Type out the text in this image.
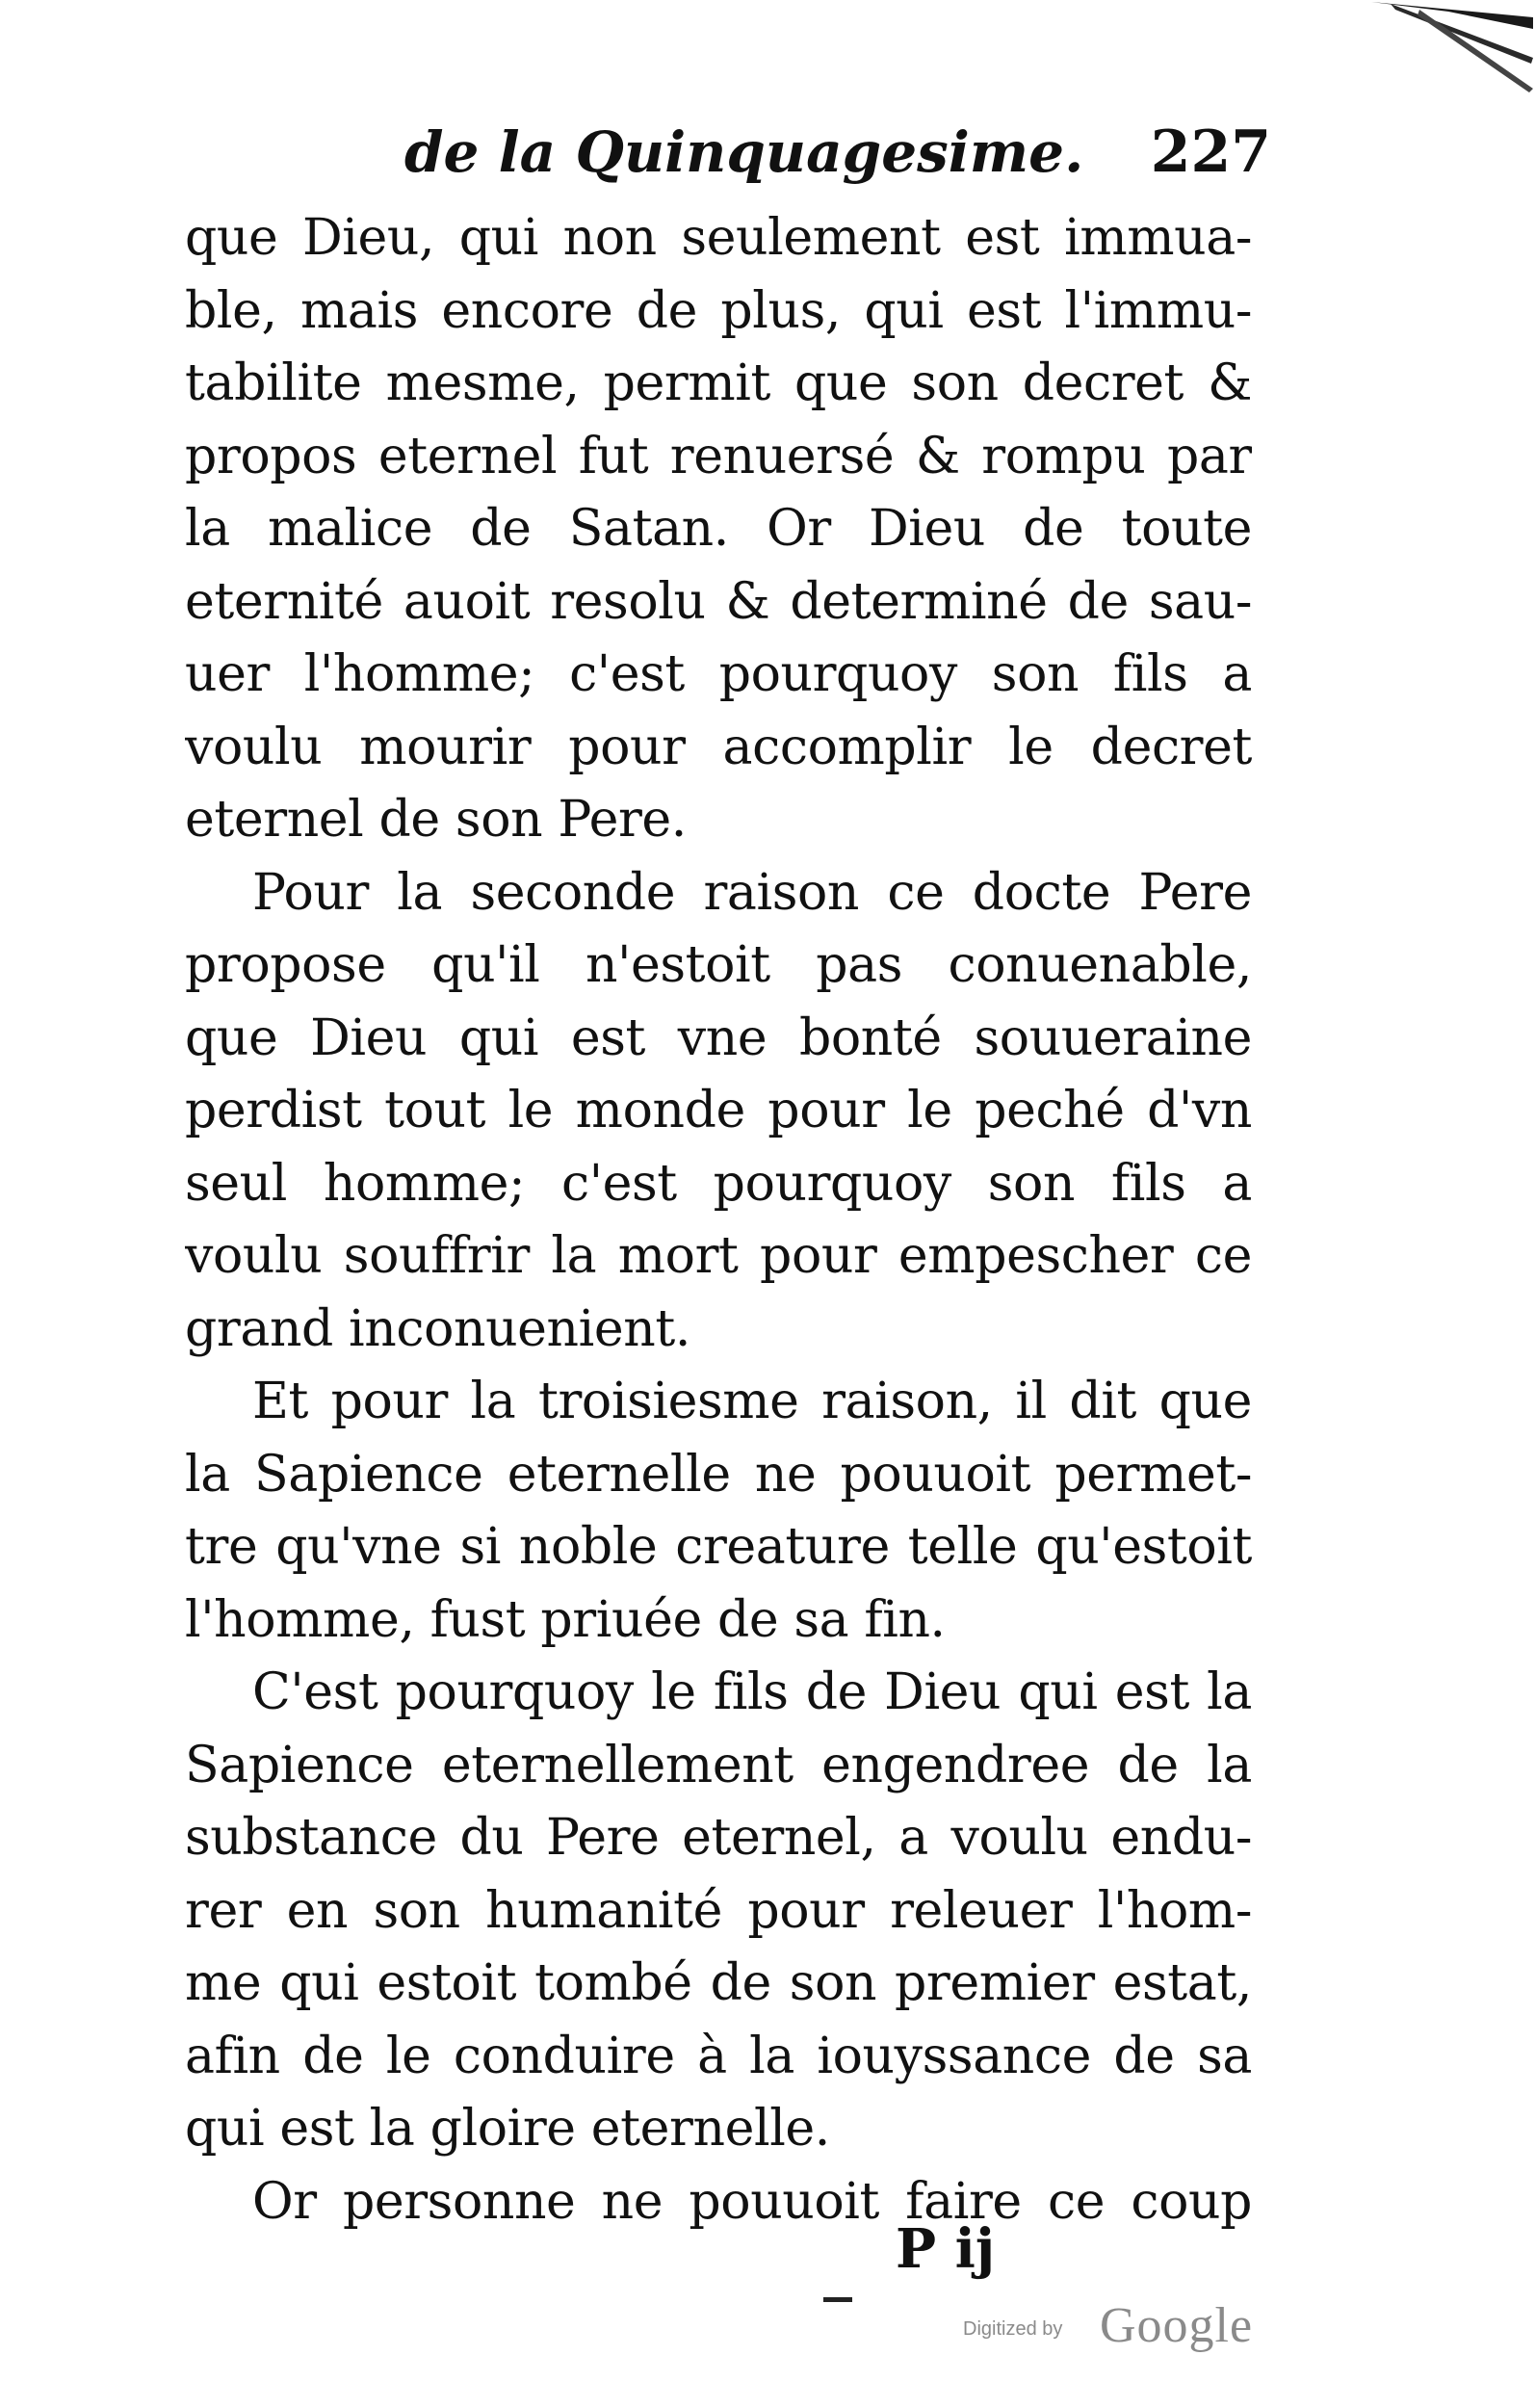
de la Quinquagesime. 227
que Dieu, qui non seulement est immua-
ble, mais encore de plus, qui est l'immu-
tabilite mesme, permit que son decret &
propos eternel fut renuersé & rompu par
la malice de Satan. Or Dieu de toute
eternité auoit resolu & determiné de sau-
uer l'homme; c'est pourquoy son fils a
voulu mourir pour accomplir le decret
eternel de son Pere.
Pour la seconde raison ce docte Pere
propose qu'il n'estoit pas conuenable,
que Dieu qui est vne bonté souueraine
perdist tout le monde pour le peché d'vn
seul homme; c'est pourquoy son fils a
voulu souffrir la mort pour empescher ce
grand inconuenient.
Et pour la troisiesme raison, il dit que
la Sapience eternelle ne pouuoit permet-
tre qu'vne si noble creature telle qu'estoit
l'homme, fust priuée de sa fin.
C'est pourquoy le fils de Dieu qui est la
Sapience eternellement engendree de la
substance du Pere eternel, a voulu endu-
rer en son humanité pour releuer l'hom-
me qui estoit tombé de son premier estat,
afin de le conduire à la iouyssance de sa
qui est la gloire eternelle.
Or personne ne pouuoit faire ce coup
P ij
Digitized by Google
